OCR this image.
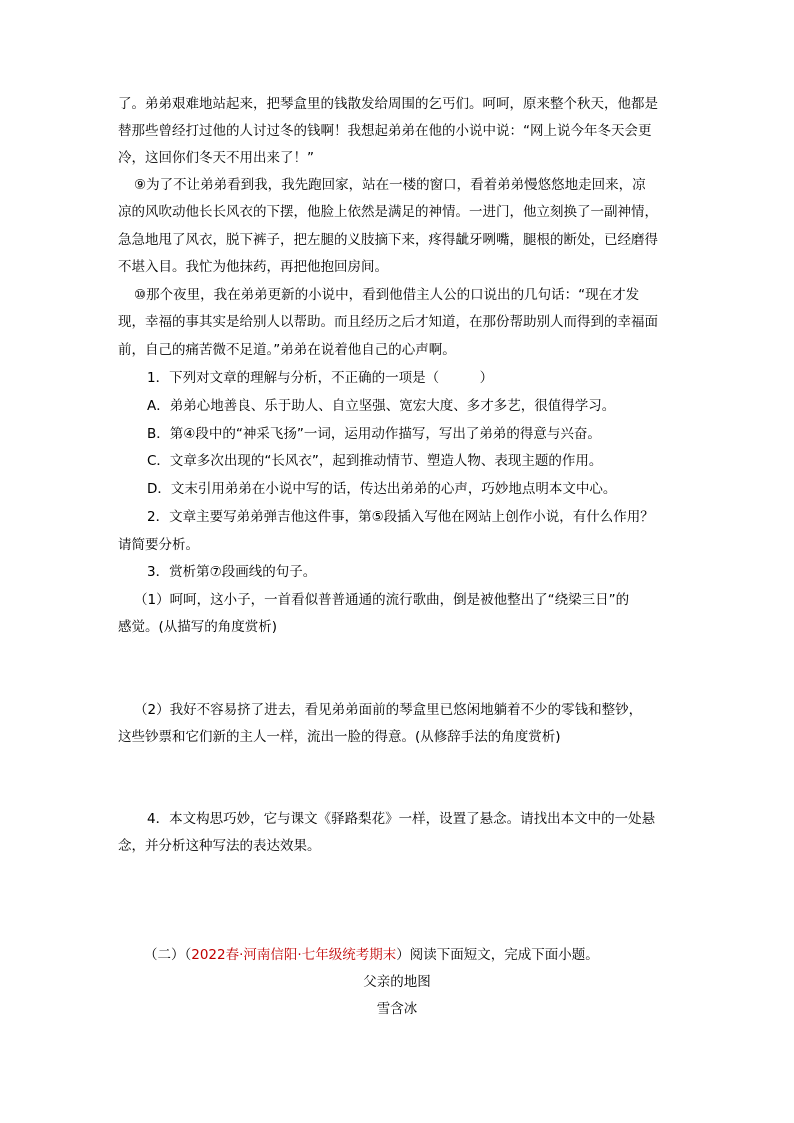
了。弟弟艰难地站起来，把琴盒里的钱散发给周围的乞丐们。呵呵，原来整个秋天，他都是
替那些曾经打过他的人讨过冬的钱啊！我想起弟弟在他的小说中说：“网上说今年冬天会更
冷，这回你们冬天不用出来了！”
⑨为了不让弟弟看到我，我先跑回家，站在一楼的窗口，看着弟弟慢悠悠地走回来，凉
凉的风吹动他长长风衣的下摆，他脸上依然是满足的神情。一进门，他立刻换了一副神情，
急急地甩了风衣，脱下裤子，把左腿的义肢摘下来，疼得龇牙咧嘴，腿根的断处，已经磨得
不堪入目。我忙为他抹药，再把他抱回房间。
⑩那个夜里，我在弟弟更新的小说中，看到他借主人公的口说出的几句话：“现在才发
现，幸福的事其实是给别人以帮助。而且经历之后才知道，在那份帮助别人而得到的幸福面
前，自己的痛苦微不足道。”弟弟在说着他自己的心声啊。
1．下列对文章的理解与分析，不正确的一项是（　　　）
A．弟弟心地善良、乐于助人、自立坚强、宽宏大度、多才多艺，很值得学习。
B．第④段中的“神采飞扬”一词，运用动作描写，写出了弟弟的得意与兴奋。
C．文章多次出现的“长风衣”，起到推动情节、塑造人物、表现主题的作用。
D．文末引用弟弟在小说中写的话，传达出弟弟的心声，巧妙地点明本文中心。
2．文章主要写弟弟弹吉他这件事，第⑤段插入写他在网站上创作小说，有什么作用？
请简要分析。
3．赏析第⑦段画线的句子。
（1）呵呵，这小子，一首看似普普通通的流行歌曲，倒是被他整出了“绕梁三日”的
感觉。(从描写的角度赏析)
（2）我好不容易挤了进去，看见弟弟面前的琴盒里已悠闲地躺着不少的零钱和整钞，
这些钞票和它们新的主人一样，流出一脸的得意。(从修辞手法的角度赏析)
4．本文构思巧妙，它与课文《驿路梨花》一样，设置了悬念。请找出本文中的一处悬
念，并分析这种写法的表达效果。
（二）（2022春·河南信阳·七年级统考期末）阅读下面短文，完成下面小题。
父亲的地图
雪含冰
